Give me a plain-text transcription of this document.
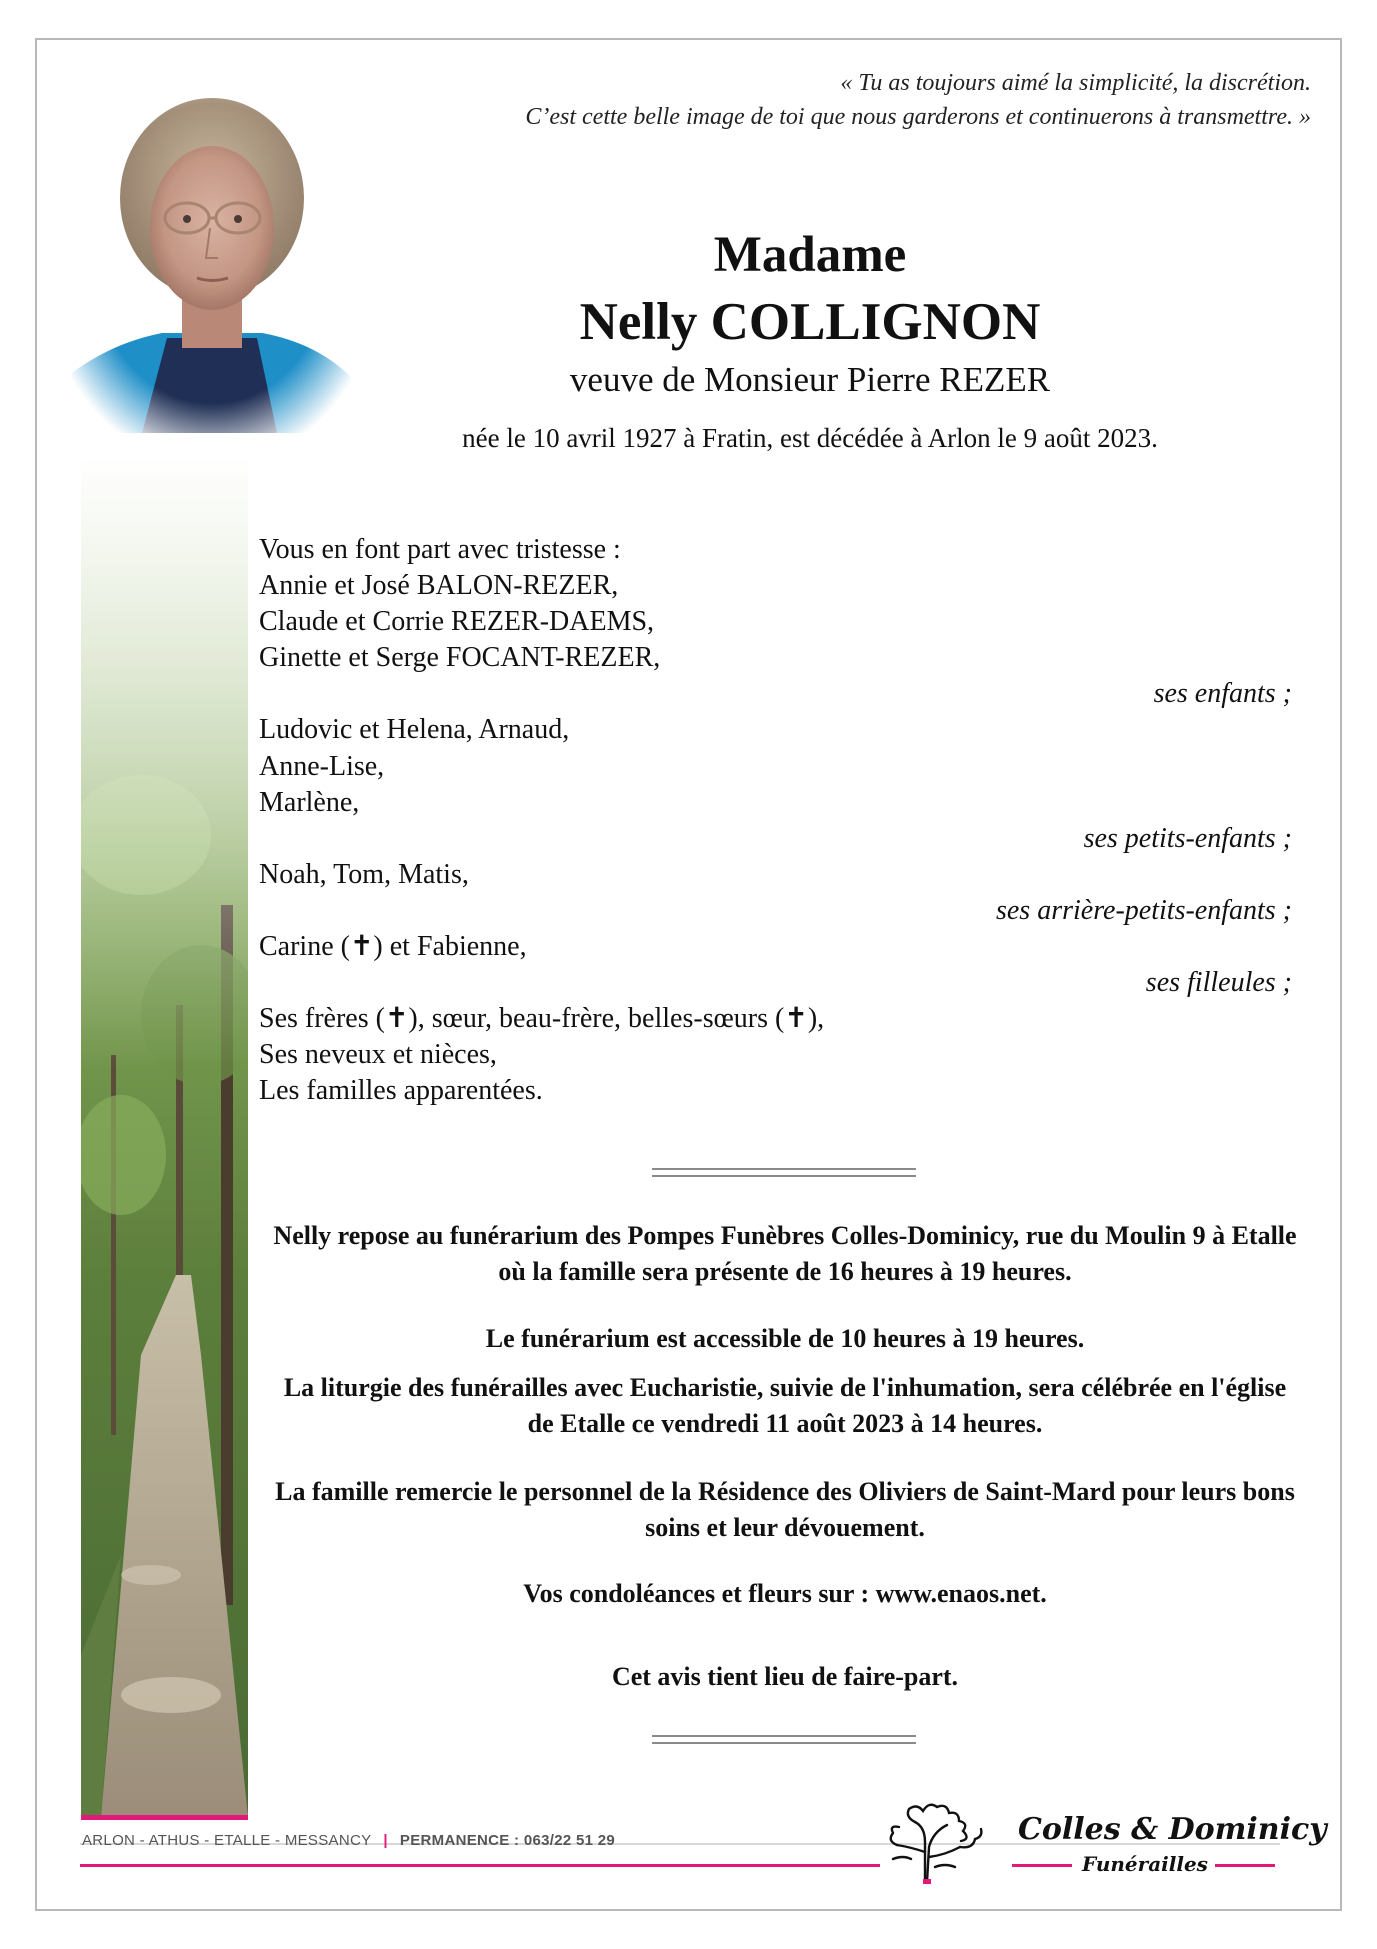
« Tu as toujours aimé la simplicité, la discrétion.
C’est cette belle image de toi que nous garderons et continuerons à transmettre. »
Madame
Nelly COLLIGNON
veuve de Monsieur Pierre REZER
née le 10 avril 1927 à Fratin, est décédée à Arlon le 9 août 2023.
Vous en font part avec tristesse :
Annie et José BALON-REZER,
Claude et Corrie REZER-DAEMS,
Ginette et Serge FOCANT-REZER,
ses enfants ;
Ludovic et Helena, Arnaud,
Anne-Lise,
Marlène,
ses petits-enfants ;
Noah, Tom, Matis,
ses arrière-petits-enfants ;
Carine (✝) et Fabienne,
ses filleules ;
Ses frères (✝), sœur, beau-frère, belles-sœurs (✝),
Ses neveux et nièces,
Les familles apparentées.
Nelly repose au funérarium des Pompes Funèbres Colles-Dominicy, rue du Moulin 9 à Etalle où la famille sera présente de 16 heures à 19 heures.
Le funérarium est accessible de 10 heures à 19 heures.
La liturgie des funérailles avec Eucharistie, suivie de l'inhumation, sera célébrée en l'église de Etalle ce vendredi 11 août 2023 à 14 heures.
La famille remercie le personnel de la Résidence des Oliviers de Saint-Mard pour leurs bons soins et leur dévouement.
Vos condoléances et fleurs sur : www.enaos.net.
Cet avis tient lieu de faire-part.
ARLON - ATHUS - ETALLE - MESSANCY | PERMANENCE : 063/22 51 29	Colles & Dominicy
Funérailles
